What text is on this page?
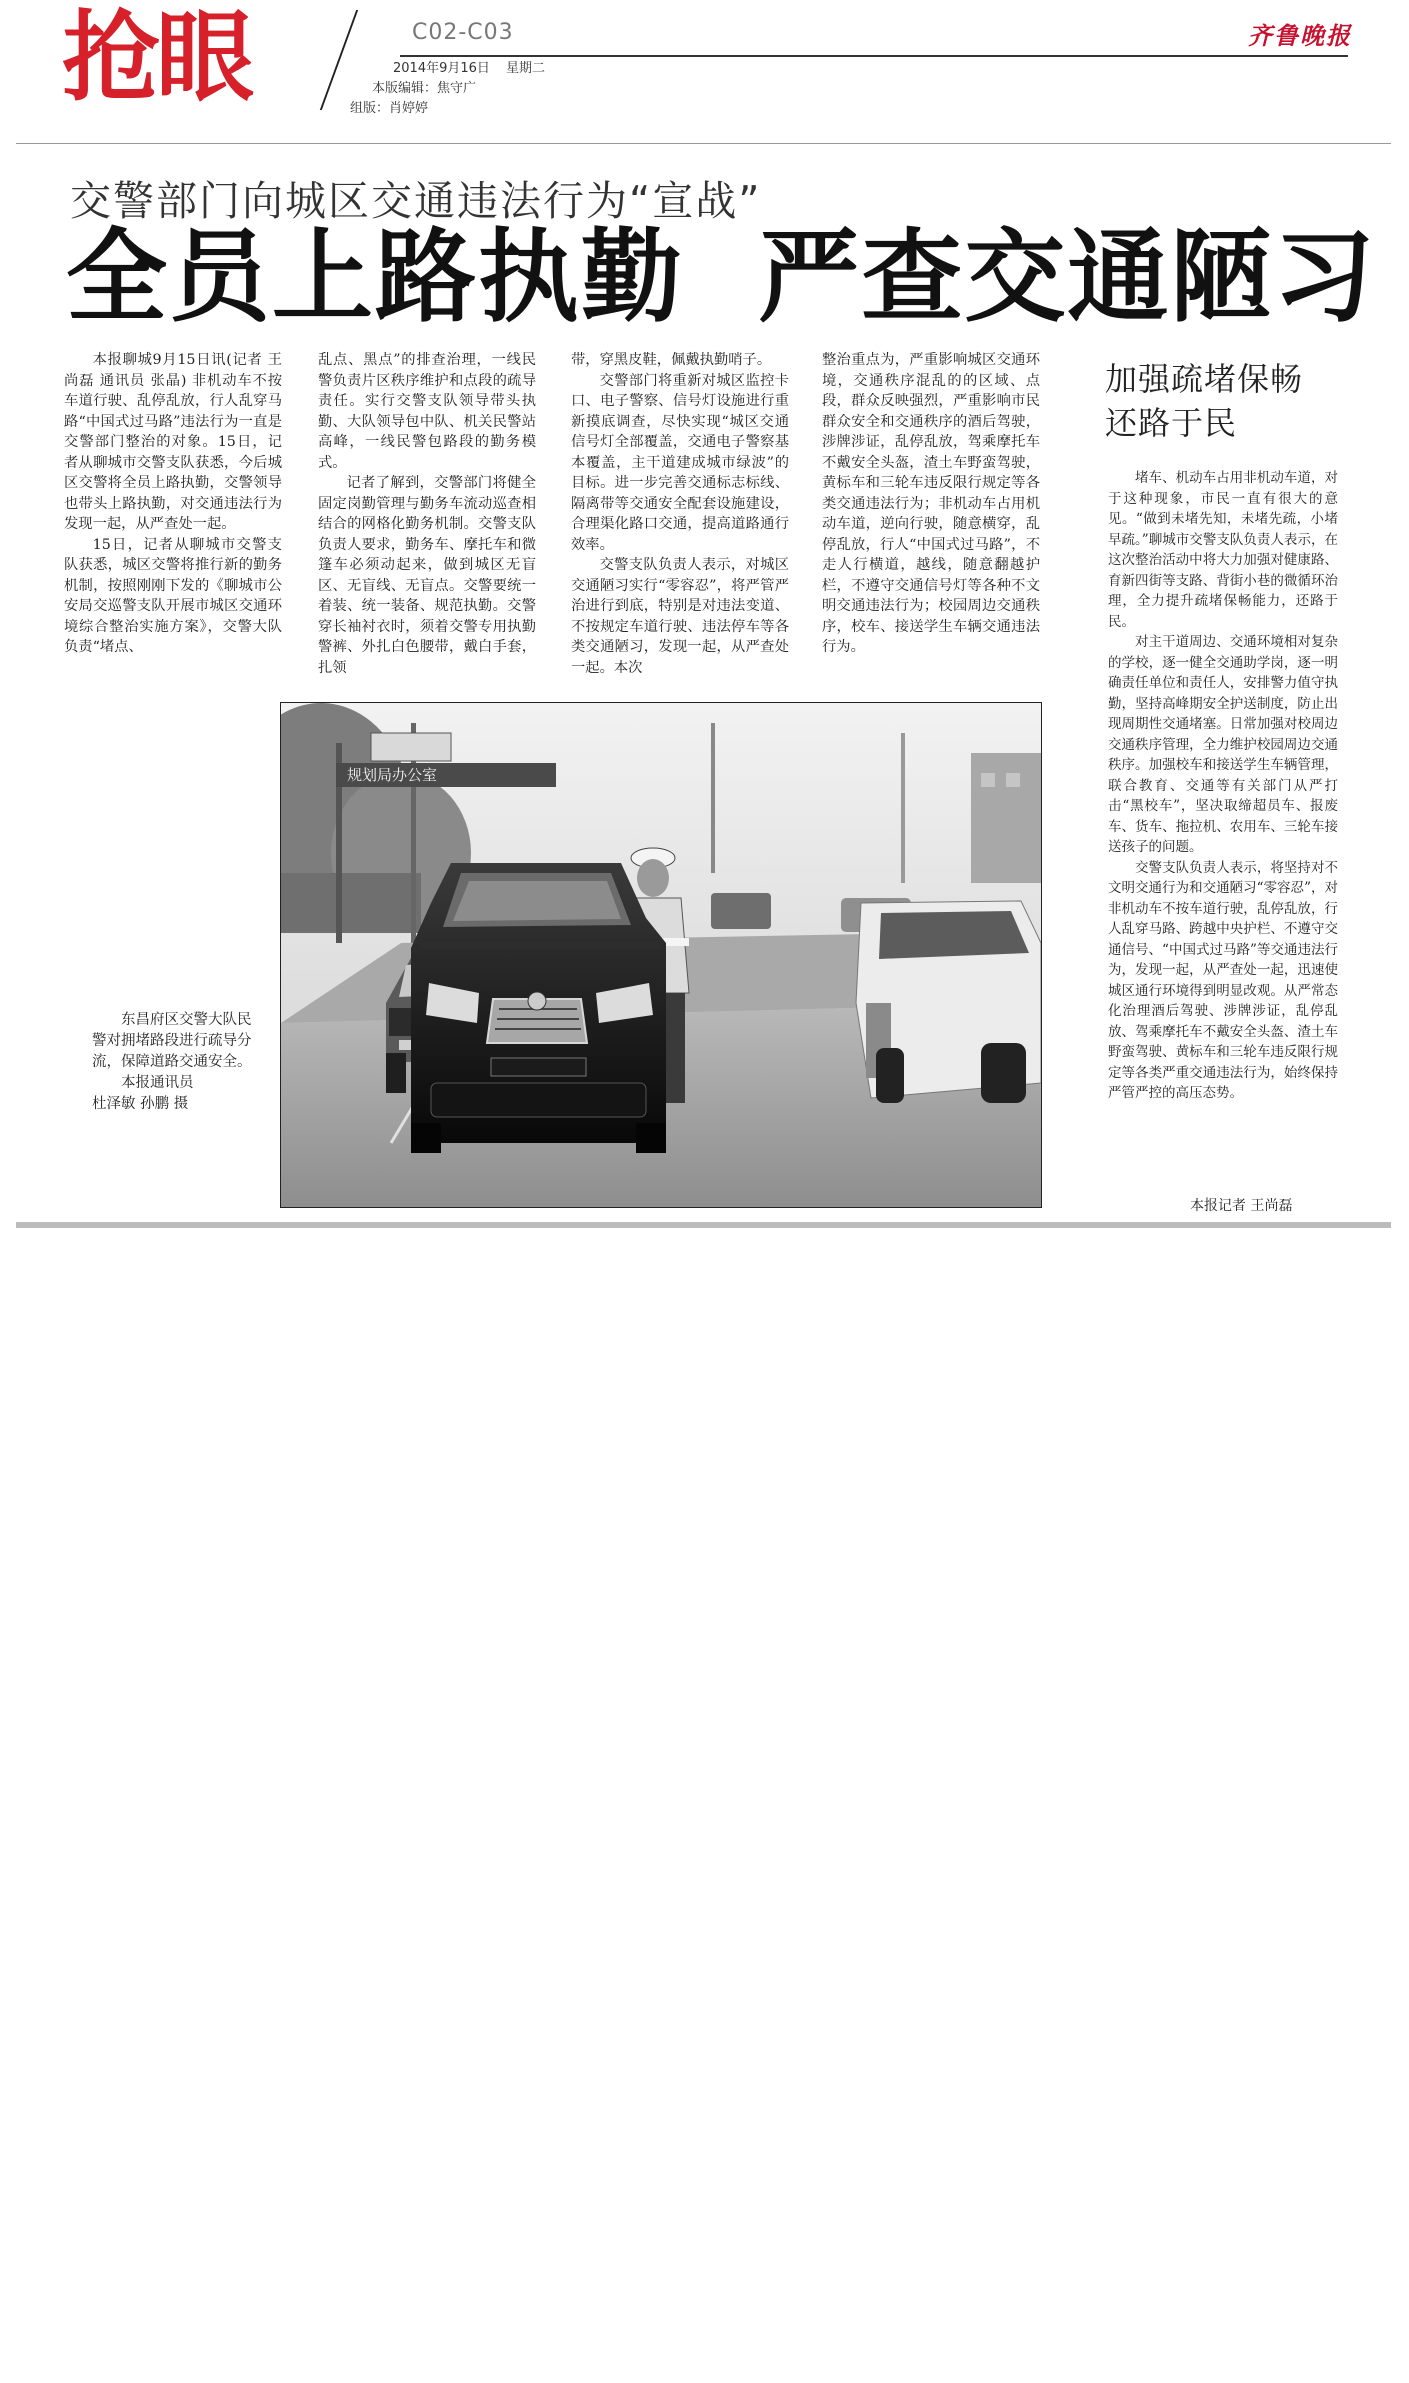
抢眼	C02-C03
2014年9月16日 星期二
本版编辑：焦守广
组版：肖婷婷
齐鲁晚报
交警部门向城区交通违法行为“宣战”
全员上路执勤  严查交通陋习

本报聊城9月15日讯(记者 王尚磊 通讯员 张晶) 非机动车不按车道行驶、乱停乱放，行人乱穿马路“中国式过马路”违法行为一直是交警部门整治的对象。15日，记者从聊城市交警支队获悉，今后城区交警将全员上路执勤，交警领导也带头上路执勤，对交通违法行为发现一起，从严查处一起。

15日，记者从聊城市交警支队获悉，城区交警将推行新的勤务机制，按照刚刚下发的《聊城市公安局交巡警支队开展市城区交通环境综合整治实施方案》，交警大队负责“堵点、

乱点、黑点”的排查治理，一线民警负责片区秩序维护和点段的疏导责任。实行交警支队领导带头执勤、大队领导包中队、机关民警站高峰，一线民警包路段的勤务模式。

记者了解到，交警部门将健全固定岗勤管理与勤务车流动巡查相结合的网格化勤务机制。交警支队负责人要求，勤务车、摩托车和微篷车必须动起来，做到城区无盲区、无盲线、无盲点。交警要统一着装、统一装备、规范执勤。交警穿长袖衬衣时，须着交警专用执勤警裤、外扎白色腰带，戴白手套，扎领

带，穿黑皮鞋，佩戴执勤哨子。

交警部门将重新对城区监控卡口、电子警察、信号灯设施进行重新摸底调查，尽快实现“城区交通信号灯全部覆盖，交通电子警察基本覆盖，主干道建成城市绿波”的目标。进一步完善交通标志标线、隔离带等交通安全配套设施建设，合理渠化路口交通，提高道路通行效率。

交警支队负责人表示，对城区交通陋习实行“零容忍”，将严管严治进行到底，特别是对违法变道、不按规定车道行驶、违法停车等各类交通陋习，发现一起，从严查处一起。本次

整治重点为，严重影响城区交通环境，交通秩序混乱的的区域、点段，群众反映强烈，严重影响市民群众安全和交通秩序的酒后驾驶，涉牌涉证，乱停乱放，驾乘摩托车不戴安全头盔，渣土车野蛮驾驶，黄标车和三轮车违反限行规定等各类交通违法行为；非机动车占用机动车道，逆向行驶，随意横穿，乱停乱放，行人“中国式过马路”，不走人行横道，越线，随意翻越护栏，不遵守交通信号灯等各种不文明交通违法行为；校园周边交通秩序，校车、接送学生车辆交通违法行为。

加强疏堵保畅
还路于民

堵车、机动车占用非机动车道，对于这种现象，市民一直有很大的意见。“做到未堵先知，未堵先疏，小堵早疏。”聊城市交警支队负责人表示，在这次整治活动中将大力加强对健康路、育新四街等支路、背街小巷的微循环治理，全力提升疏堵保畅能力，还路于民。

对主干道周边、交通环境相对复杂的学校，逐一健全交通助学岗，逐一明确责任单位和责任人，安排警力值守执勤，坚持高峰期安全护送制度，防止出现周期性交通堵塞。日常加强对校周边交通秩序管理，全力维护校园周边交通秩序。加强校车和接送学生车辆管理，联合教育、交通等有关部门从严打击“黑校车”，坚决取缔超员车、报废车、货车、拖拉机、农用车、三轮车接送孩子的问题。

交警支队负责人表示，将坚持对不文明交通行为和交通陋习“零容忍”，对非机动车不按车道行驶，乱停乱放，行人乱穿马路、跨越中央护栏、不遵守交通信号、“中国式过马路”等交通违法行为，发现一起，从严查处一起，迅速使城区通行环境得到明显改观。从严常态化治理酒后驾驶、涉牌涉证，乱停乱放、驾乘摩托车不戴安全头盔、渣土车野蛮驾驶、黄标车和三轮车违反限行规定等各类严重交通违法行为，始终保持严管严控的高压态势。

本报记者 王尚磊
规划局办公室

东昌府区交警大队民警对拥堵路段进行疏导分流，保障道路交通安全。

本报通讯员

杜泽敏 孙鹏 摄
